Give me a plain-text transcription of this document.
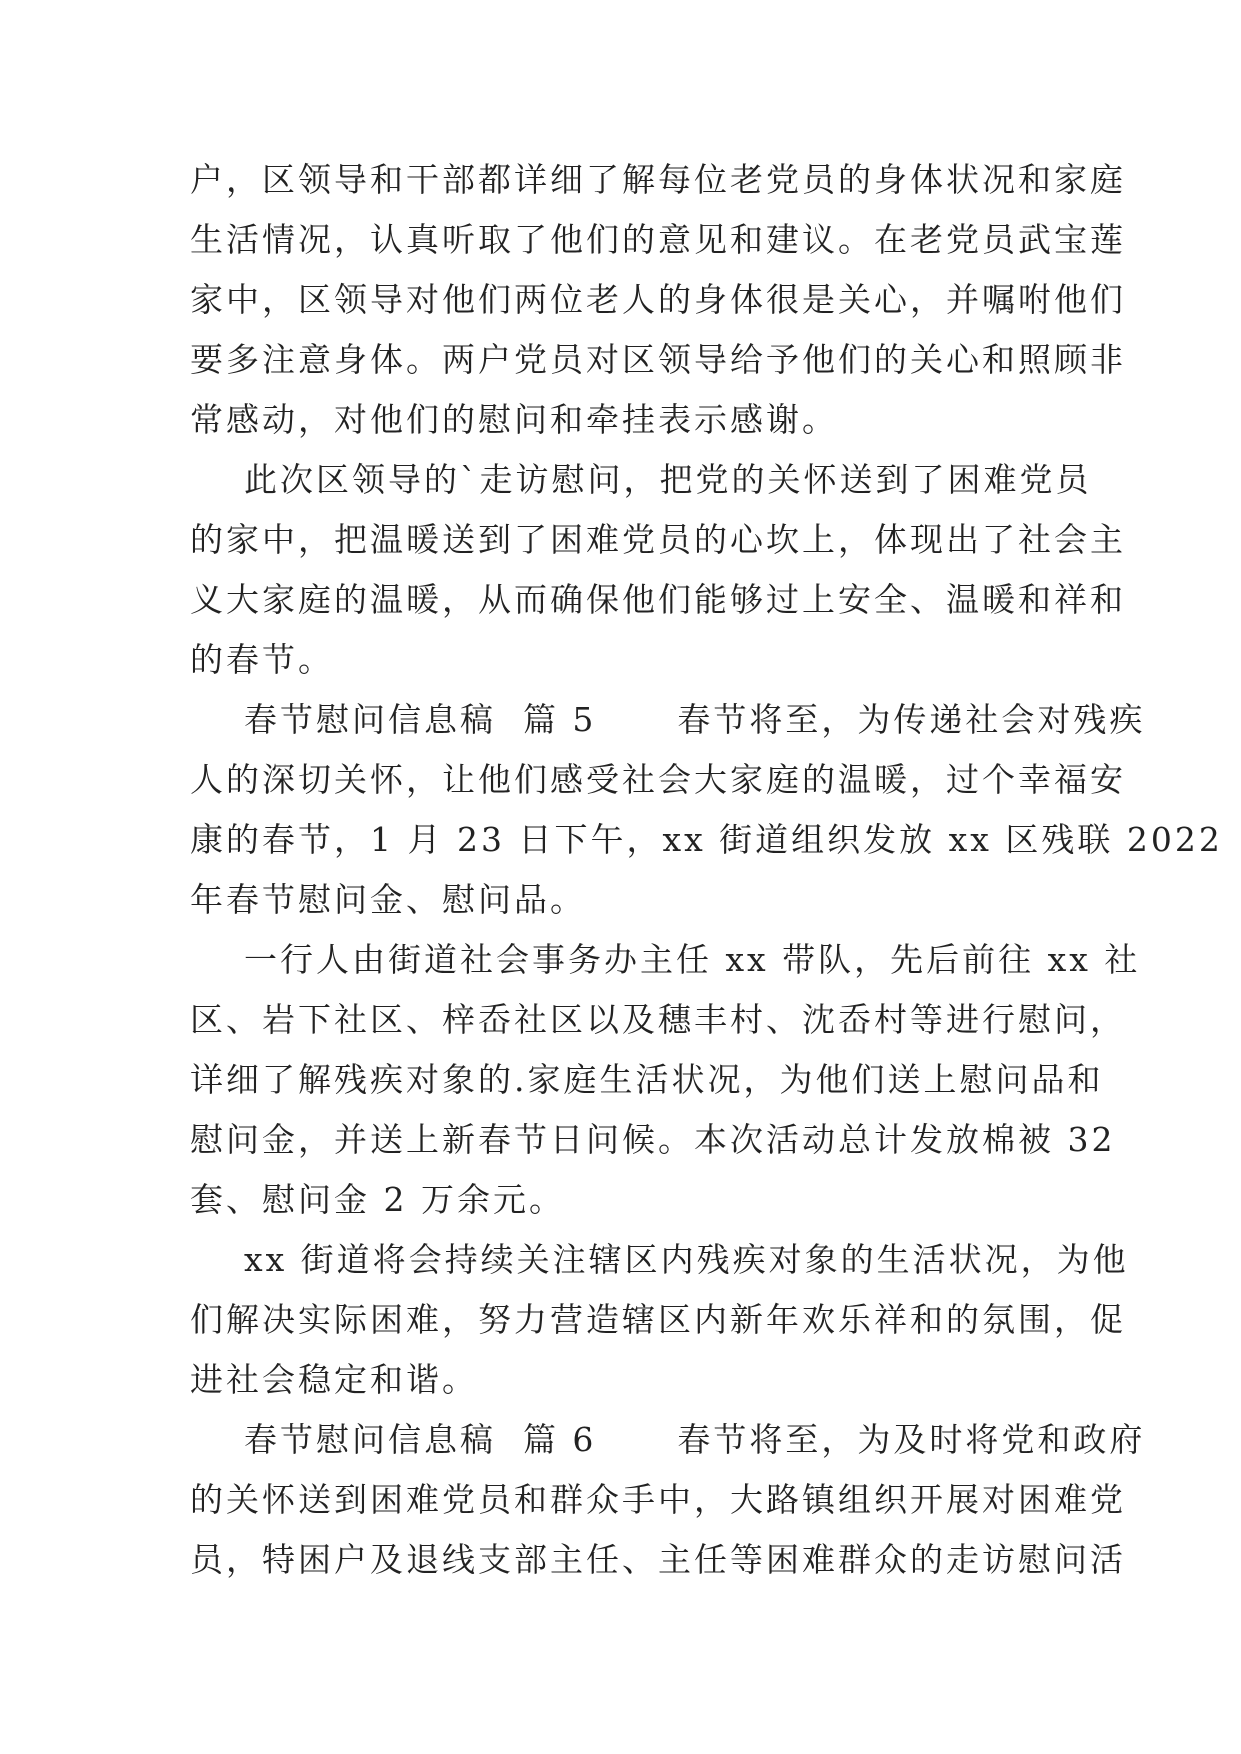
户，区领导和干部都详细了解每位老党员的身体状况和家庭
生活情况，认真听取了他们的意见和建议。在老党员武宝莲
家中，区领导对他们两位老人的身体很是关心，并嘱咐他们
要多注意身体。两户党员对区领导给予他们的关心和照顾非
常感动，对他们的慰问和牵挂表示感谢。
此次区领导的`走访慰问，把党的关怀送到了困难党员
的家中，把温暖送到了困难党员的心坎上，体现出了社会主
义大家庭的温暖，从而确保他们能够过上安全、温暖和祥和
的春节。
春节慰问信息稿  篇 5      春节将至，为传递社会对残疾
人的深切关怀，让他们感受社会大家庭的温暖，过个幸福安
康的春节，1 月 23 日下午，xx 街道组织发放 xx 区残联 2022
年春节慰问金、慰问品。
一行人由街道社会事务办主任 xx 带队，先后前往 xx 社
区、岩下社区、梓岙社区以及穗丰村、沈岙村等进行慰问，
详细了解残疾对象的.家庭生活状况，为他们送上慰问品和
慰问金，并送上新春节日问候。本次活动总计发放棉被 32
套、慰问金 2 万余元。
xx 街道将会持续关注辖区内残疾对象的生活状况，为他
们解决实际困难，努力营造辖区内新年欢乐祥和的氛围，促
进社会稳定和谐。
春节慰问信息稿  篇 6      春节将至，为及时将党和政府
的关怀送到困难党员和群众手中，大路镇组织开展对困难党
员，特困户及退线支部主任、主任等困难群众的走访慰问活
